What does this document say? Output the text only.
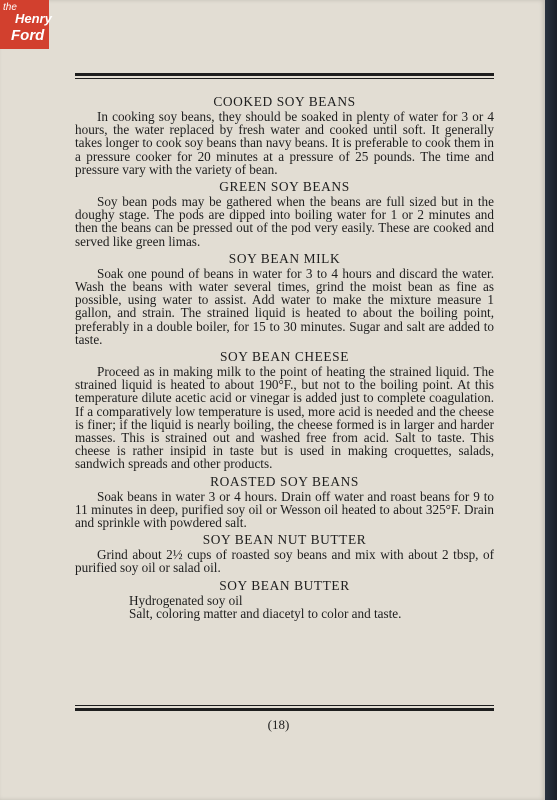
the
Henry
Ford
COOKED SOY BEANS

In cooking soy beans, they should be soaked in plenty of water for 3 or 4 hours, the water replaced by fresh water and cooked until soft. It generally takes longer to cook soy beans than navy beans. It is preferable to cook them in a pressure cooker for 20 minutes at a pressure of 25 pounds. The time and pressure vary with the variety of bean.

GREEN SOY BEANS

Soy bean pods may be gathered when the beans are full sized but in the doughy stage. The pods are dipped into boiling water for 1 or 2 minutes and then the beans can be pressed out of the pod very easily. These are cooked and served like green limas.

SOY BEAN MILK

Soak one pound of beans in water for 3 to 4 hours and discard the water. Wash the beans with water several times, grind the moist bean as fine as possible, using water to assist. Add water to make the mixture measure 1 gallon, and strain. The strained liquid is heated to about the boiling point, preferably in a double boiler, for 15 to 30 minutes. Sugar and salt are added to taste.

SOY BEAN CHEESE

Proceed as in making milk to the point of heating the strained liquid. The strained liquid is heated to about 190°F., but not to the boiling point. At this temperature dilute acetic acid or vinegar is added just to complete coagulation. If a comparatively low temperature is used, more acid is needed and the cheese is finer; if the liquid is nearly boiling, the cheese formed is in larger and harder masses. This is strained out and washed free from acid. Salt to taste. This cheese is rather insipid in taste but is used in making croquettes, salads, sandwich spreads and other products.

ROASTED SOY BEANS

Soak beans in water 3 or 4 hours. Drain off water and roast beans for 9 to 11 minutes in deep, purified soy oil or Wesson oil heated to about 325°F. Drain and sprinkle with powdered salt.

SOY BEAN NUT BUTTER

Grind about 2½ cups of roasted soy beans and mix with about 2 tbsp, of purified soy oil or salad oil.

SOY BEAN BUTTER

Hydrogenated soy oil

Salt, coloring matter and diacetyl to color and taste.

(18)
